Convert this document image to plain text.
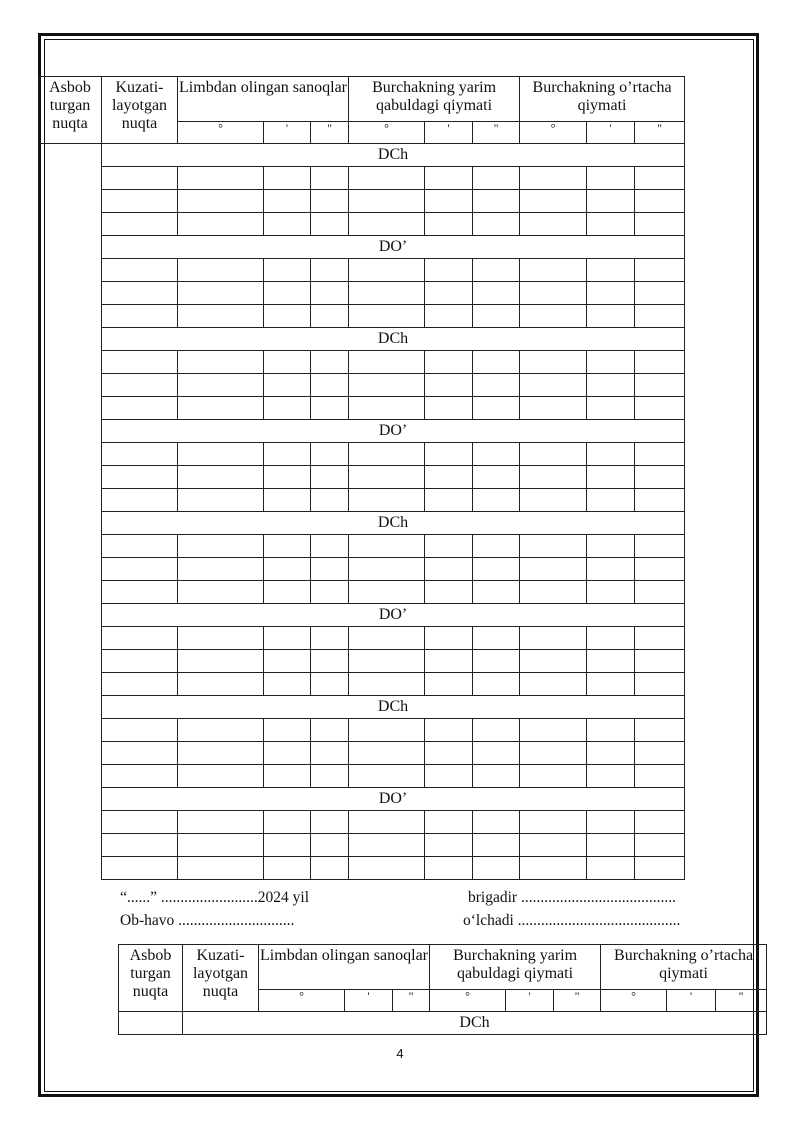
Asbob turgan nuqta	Kuzati-layotgan nuqta	Limbdan olingan sanoqlar			Burchakning yarim qabuldagi qiymati			Burchakning o’rtacha qiymati		
		°	'	"	°	'	"	°	'	"
	DCh									

	DO’									

	DCh									

	DO’									

	DCh									

	DO’									

	DCh									

	DO’									

“......” .........................2024 yil
Ob-havo ..............................
brigadir ........................................
o‘lchadi ..........................................
Asbob turgan nuqta	Kuzati-layotgan nuqta	Limbdan olingan sanoqlar			Burchakning yarim qabuldagi qiymati			Burchakning o’rtacha qiymati		
		°	'	"	°	'	"	°	'	"
	DCh									
4
